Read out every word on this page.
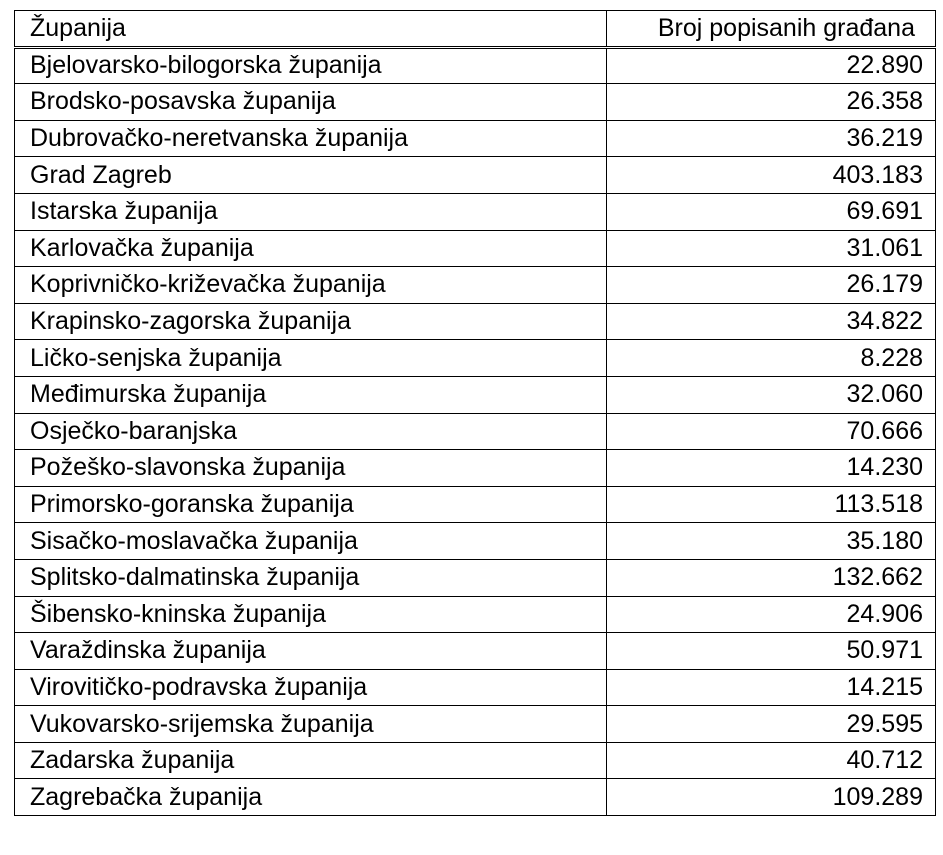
Županija	Broj popisanih građana
Bjelovarsko-bilogorska županija	22.890
Brodsko-posavska županija	26.358
Dubrovačko-neretvanska županija	36.219
Grad Zagreb	403.183
Istarska županija	69.691
Karlovačka županija	31.061
Koprivničko-križevačka županija	26.179
Krapinsko-zagorska županija	34.822
Ličko-senjska županija	8.228
Međimurska županija	32.060
Osječko-baranjska	70.666
Požeško-slavonska županija	14.230
Primorsko-goranska županija	113.518
Sisačko-moslavačka županija	35.180
Splitsko-dalmatinska županija	132.662
Šibensko-kninska županija	24.906
Varaždinska županija	50.971
Virovitičko-podravska županija	14.215
Vukovarsko-srijemska županija	29.595
Zadarska županija	40.712
Zagrebačka županija	109.289
